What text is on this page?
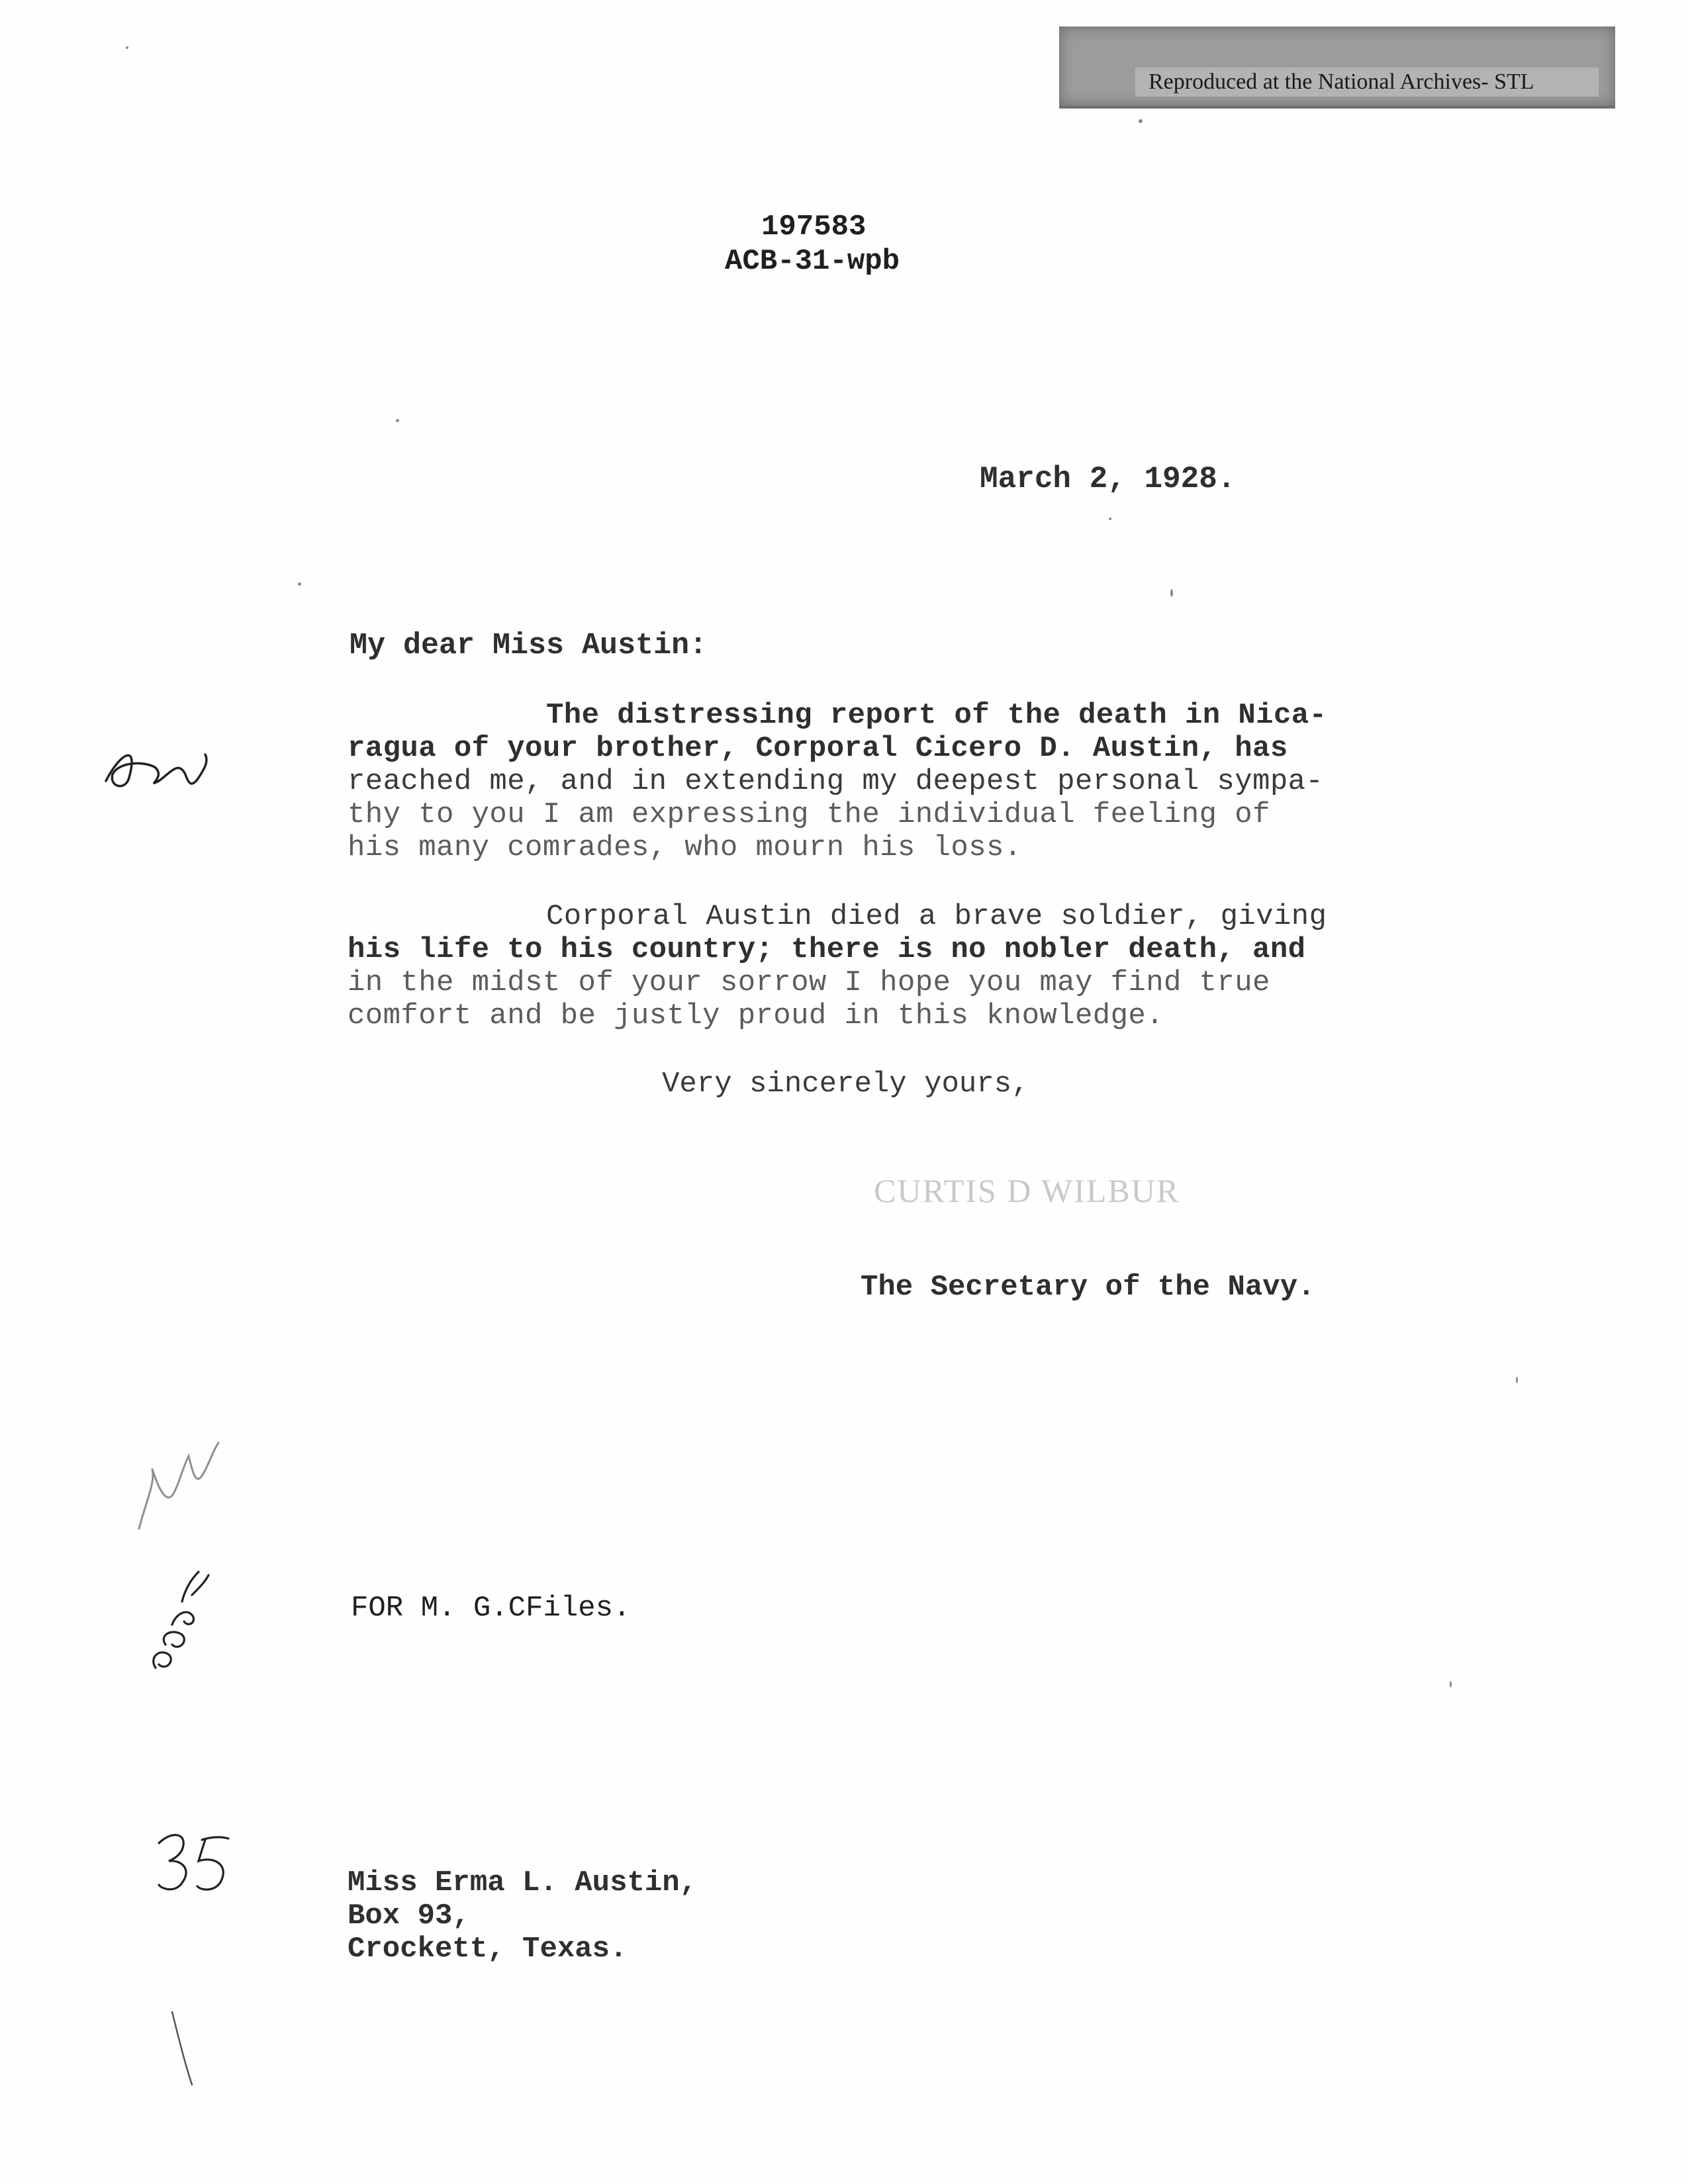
Reproduced at the National Archives- STL
197583
ACB-31-wpb
March 2, 1928.
My dear Miss Austin:
The distressing report of the death in Nica-
ragua of your brother, Corporal Cicero D. Austin, has
reached me, and in extending my deepest personal sympa-
thy to you I am expressing the individual feeling of
his many comrades, who mourn his loss.
Corporal Austin died a brave soldier, giving
his life to his country; there is no nobler death, and
in the midst of your sorrow I hope you may find true
comfort and be justly proud in this knowledge.
Very sincerely yours,
CURTIS D WILBUR
The Secretary of the Navy.
FOR M. G.CFiles.
Miss Erma L. Austin,
Box 93,
Crockett, Texas.
